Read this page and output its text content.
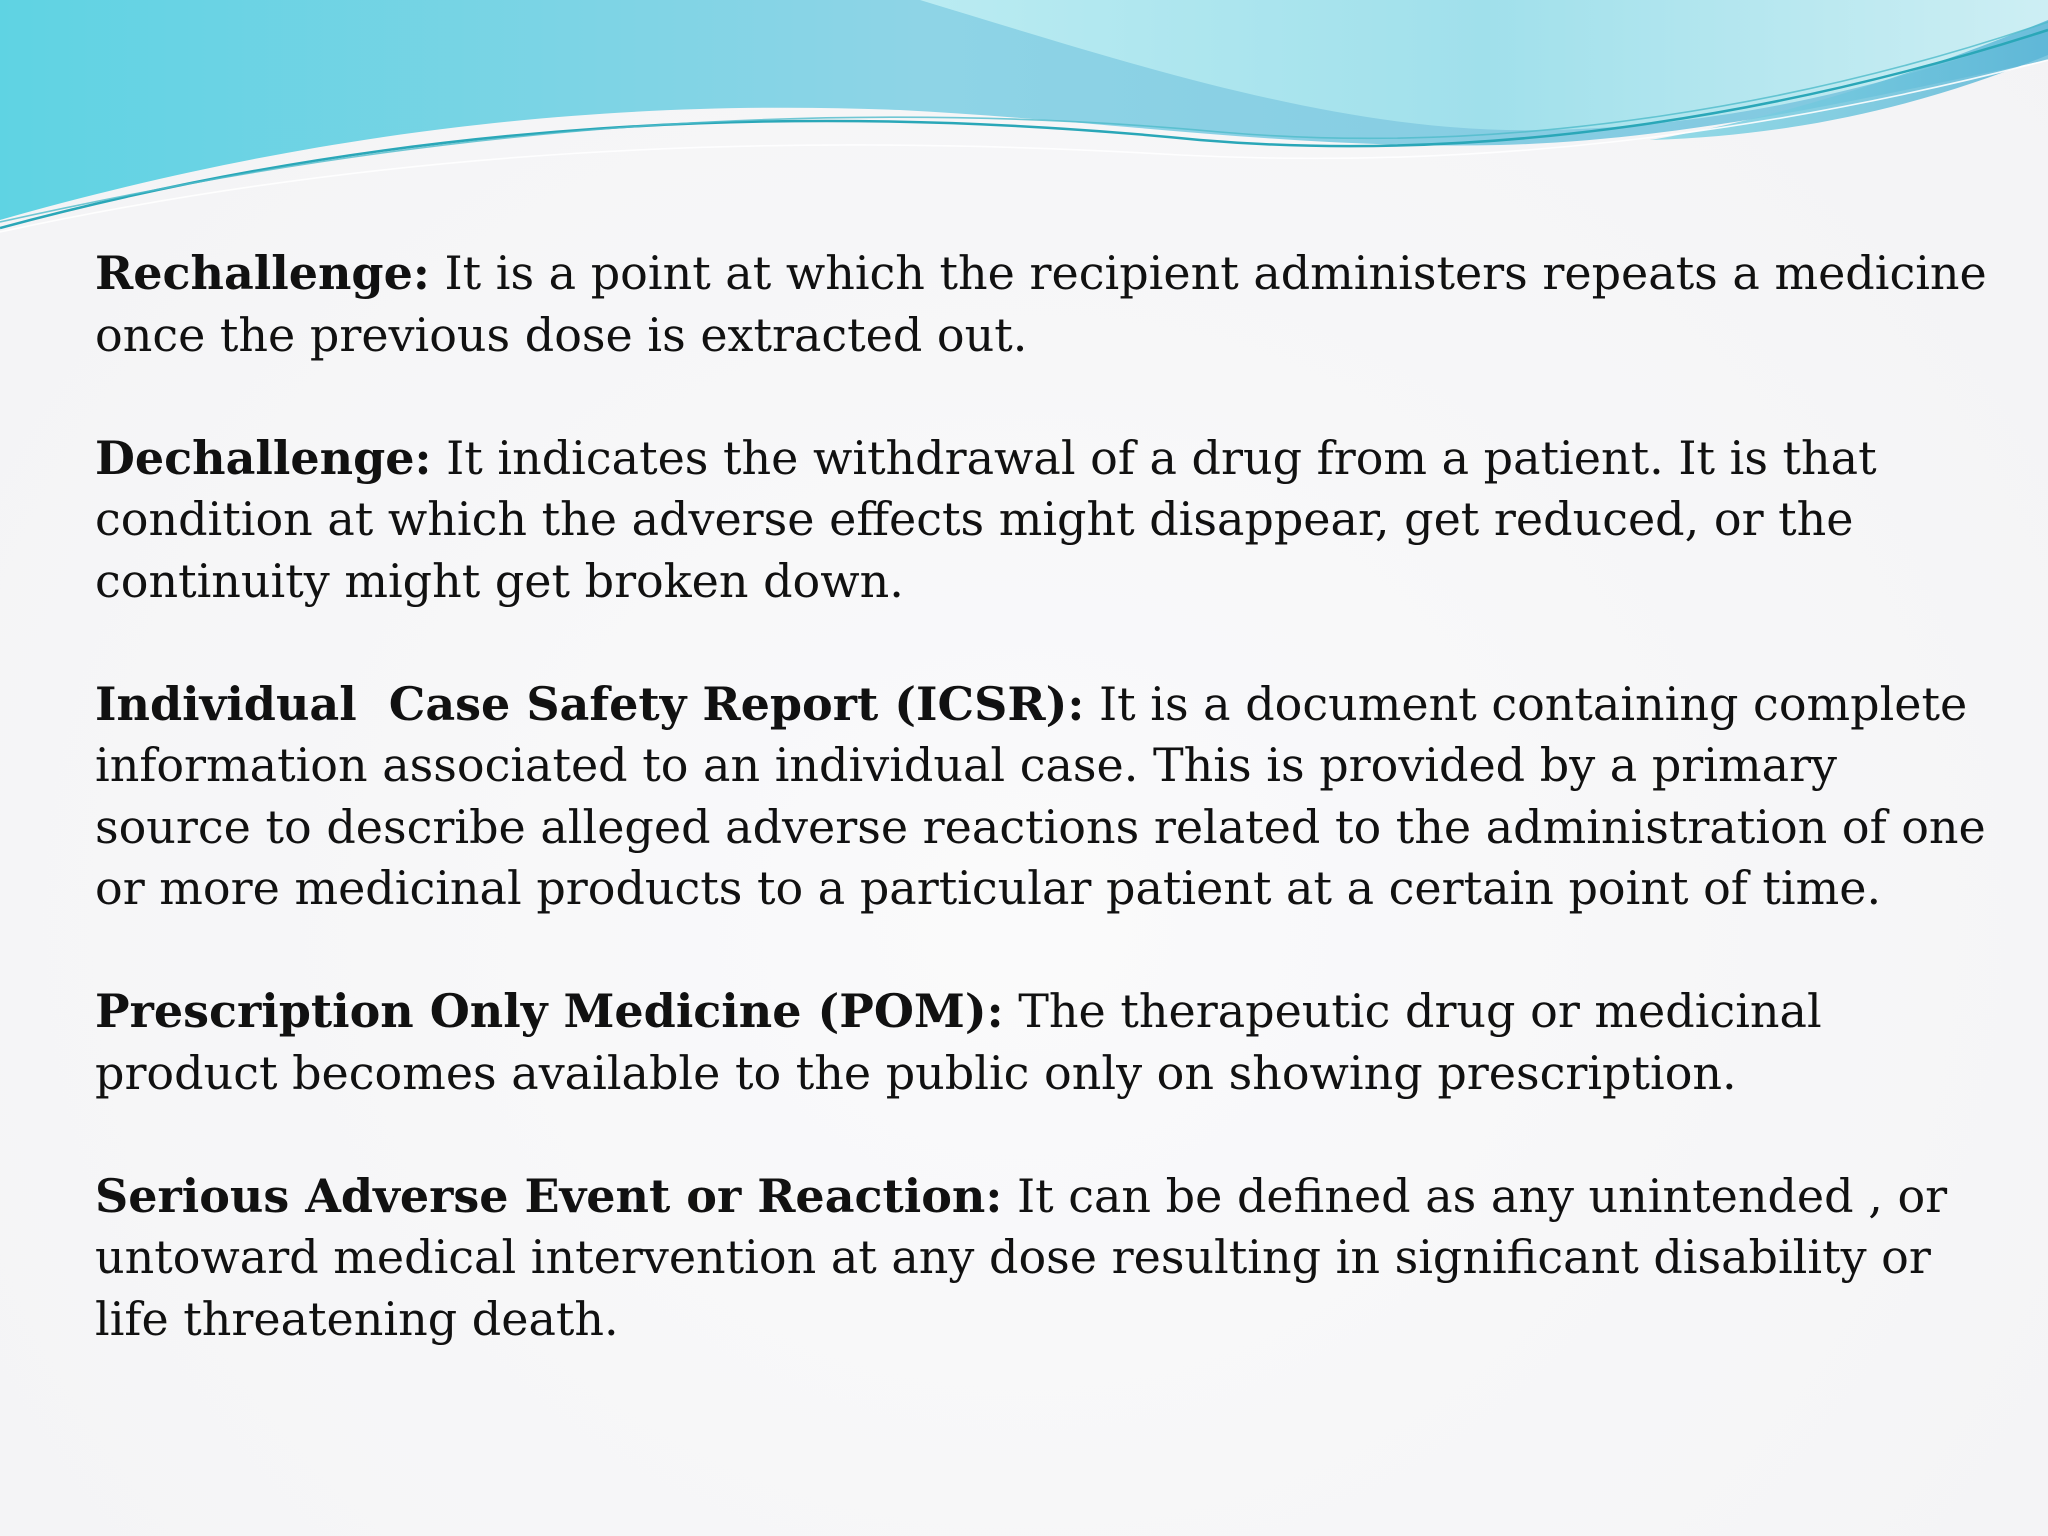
Rechallenge: It is a point at which the recipient administers repeats a medicine once the previous dose is extracted out.

Dechallenge: It indicates the withdrawal of a drug from a patient. It is that condition at which the adverse effects might disappear, get reduced, or the continuity might get broken down.

Individual  Case Safety Report (ICSR): It is a document containing complete information associated to an individual case. This is provided by a primary source to describe alleged adverse reactions related to the administration of one or more medicinal products to a particular patient at a certain point of time.

Prescription Only Medicine (POM): The therapeutic drug or medicinal product becomes available to the public only on showing prescription.

Serious Adverse Event or Reaction: It can be defined as any unintended , or untoward medical intervention at any dose resulting in significant disability or life threatening death.
